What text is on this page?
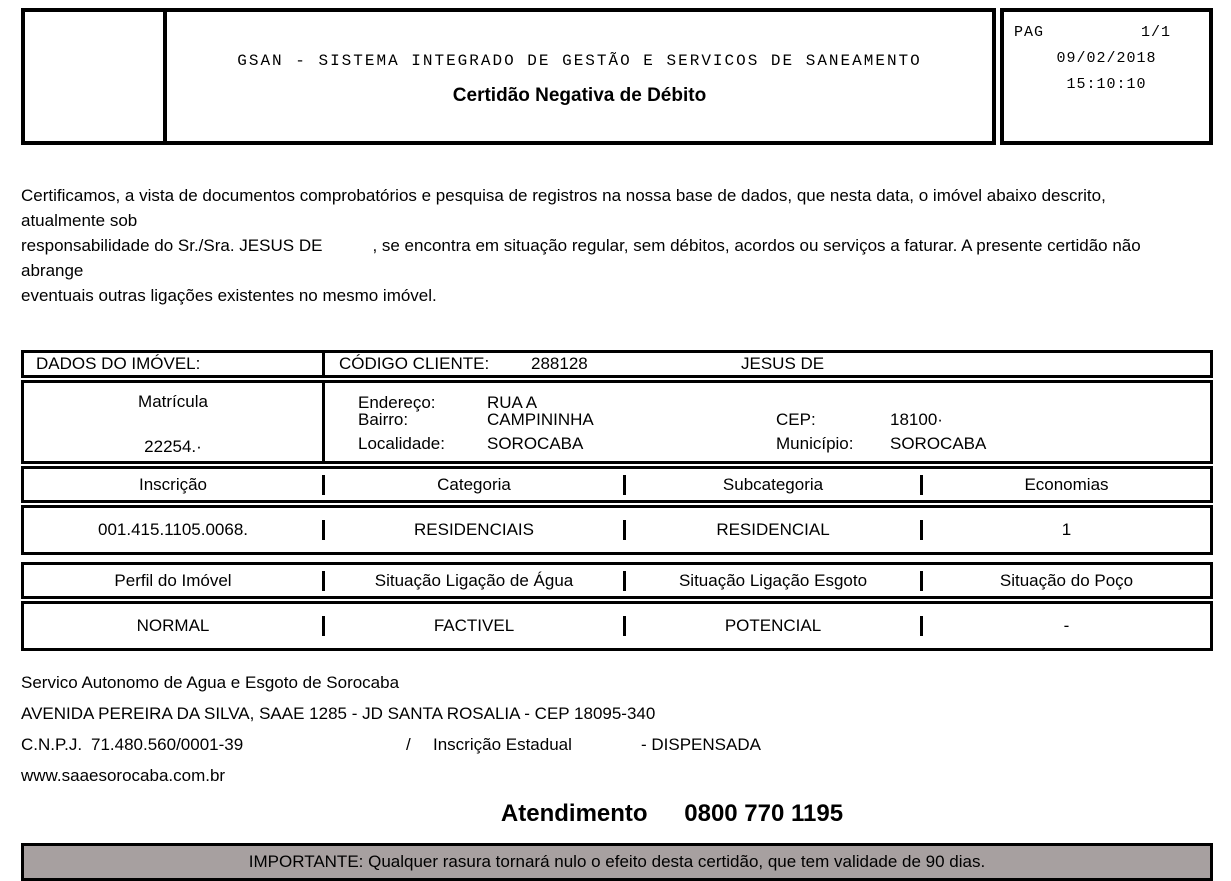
GSAN - SISTEMA INTEGRADO DE GESTÃO E SERVICOS DE SANEAMENTO
Certidão Negativa de Débito
PAG	1/1
09/02/2018
15:10:10
Certificamos, a vista de documentos comprobatórios e pesquisa de registros na nossa base de dados, que nesta data, o imóvel abaixo descrito, atualmente sob
responsabilidade do Sr./Sra. JESUS DE	, se encontra em situação regular, sem débitos, acordos ou serviços a faturar. A presente certidão não abrange
eventuais outras ligações existentes no mesmo imóvel.
DADOS DO IMÓVEL:	CÓDIGO CLIENTE:	288128	JESUS DE
Matrícula
22254.·
Endereço:	RUA A
Bairro:	CAMPININHA	CEP:	18100·
Localidade:	SOROCABA	Município:	SOROCABA
Inscrição	Categoria	Subcategoria	Economias
001.415.1105.0068.	RESIDENCIAIS	RESIDENCIAL	1
Perfil do Imóvel	Situação Ligação de Água	Situação Ligação Esgoto	Situação do Poço
NORMAL	FACTIVEL	POTENCIAL	-
Servico Autonomo de Agua e Esgoto de Sorocaba
AVENIDA PEREIRA DA SILVA, SAAE 1285 - JD SANTA ROSALIA - CEP 18095-340
C.N.P.J. 71.480.560/0001-39	/	Inscrição Estadual	- DISPENSADA
www.saaesorocaba.com.br
Atendimento 0800 770 1195
IMPORTANTE: Qualquer rasura tornará nulo o efeito desta certidão, que tem validade de 90 dias.
